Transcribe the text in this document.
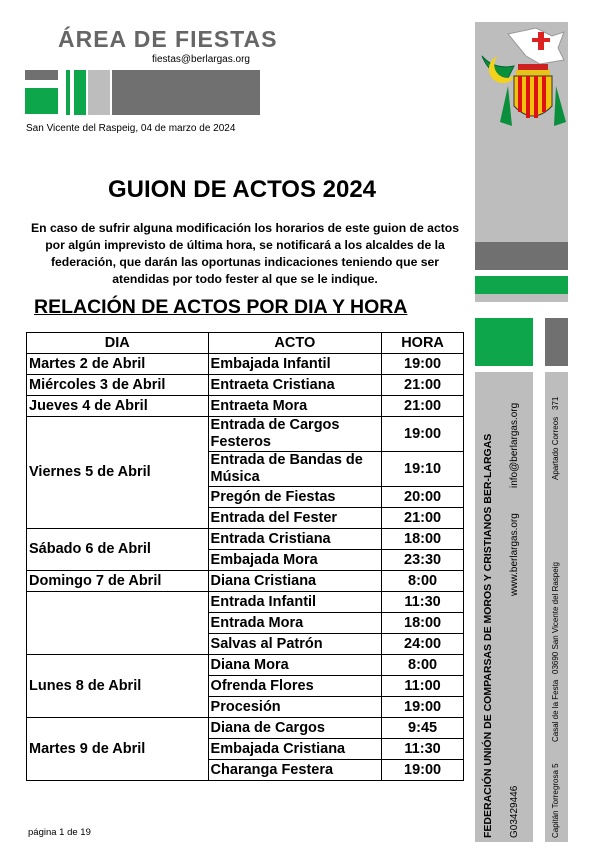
ÁREA DE FIESTAS
fiestas@berlargas.org
San Vicente del Raspeig, 04 de marzo de 2024
GUION DE ACTOS 2024
En caso de sufrir alguna modificación los horarios de este guion de actos por algún imprevisto de última hora, se notificará a los alcaldes de la federación, que darán las oportunas indicaciones teniendo que ser atendidas por todo fester al que se le indique.
RELACIÓN DE ACTOS POR DIA Y HORA
DIA	ACTO	HORA
Martes 2 de Abril	Embajada Infantil	19:00
Miércoles 3 de Abril	Entraeta Cristiana	21:00
Jueves 4 de Abril	Entraeta Mora	21:00
Viernes 5 de Abril	Entrada de Cargos Festeros	19:00
	Entrada de Bandas de Música	19:10
	Pregón de Fiestas	20:00
	Entrada del Fester	21:00
Sábado 6 de Abril	Entrada Cristiana	18:00
	Embajada Mora	23:30
Domingo 7 de Abril	Diana Cristiana	8:00
	Entrada Infantil	11:30
	Entrada Mora	18:00
	Salvas al Patrón	24:00
Lunes 8 de Abril	Diana Mora	8:00
	Ofrenda Flores	11:00
	Procesión	19:00
Martes 9 de Abril	Diana de Cargos	9:45
	Embajada Cristiana	11:30
	Charanga Festera	19:00
página 1 de 19	FEDERACIÓN UNIÓN DE COMPARSAS DE MOROS Y CRISTIANOS BER-LARGAS G03429446
www.berlargas.org
info@berlargas.org
Capitán Torregrosa 5
Casal de la Festa
03690 San Vicente del Raspeig
Apartado Correos
371
